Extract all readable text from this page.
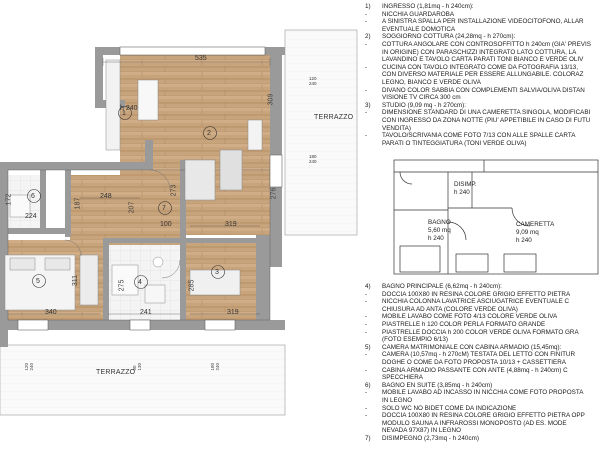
1
2
3
4
5
6
7
535
h 240
309
120
240
180
240
172
224
187
248
207
273
100	319
276
311	275	285
340	241	319
120
240	90
130	180
240
TERRAZZO
TERRAZZO
1)	INGRESSO (1,81mq - h 240cm):
-	NICCHIA GUARDAROBA
-	A SINISTRA SPALLA PER INSTALLAZIONE VIDEOCITOFONO, ALLAR
EVENTUALE DOMOTICA
2)	SOGGIORNO COTTURA (24,28mq - h 270cm):
-	COTTURA ANGOLARE CON CONTROSOFFITTO h 240cm (GIA' PREVIS
IN ORIGINE) CON PARASCHIZZI INTEGRATO LATO COTTURA, LA
LAVANDINO E TAVOLO CARTA PARATI TONI BIANCO E VERDE OLIV
-	CUCINA CON TAVOLO INTEGRATO COME DA FOTOGRAFIA 13/13,
CON DIVERSO MATERIALE PER ESSERE ALLUNGABILE. COLORAZ
LEGNO, BIANCO E VERDE OLIVA
-	DIVANO COLOR SABBIA CON COMPLEMENTI SALVIA/OLIVA DISTAN
VISIONE TV CIRCA 300 cm
3)	STUDIO (9,09 mq - h 270cm):
-	DIMENSIONE STANDARD DI UNA CAMERETTA SINGOLA, MODIFICABI
CON INGRESSO DA ZONA NOTTE (PIU' APPETIBILE IN CASO DI FUTU
VENDITA)
-	TAVOLO/SCRIVANIA COME FOTO 7/13 CON ALLE SPALLE CARTA
PARATI O TINTEGGIATURA (TONI VERDE OLIVA)
DISIMP.
h 240
BAGNO
5,60 mq
h 240
CAMERETTA
9,09 mq
h 240
4)	BAGNO PRINCIPALE (6,62mq - h 240cm):
-	DOCCIA 100X80 IN RESINA COLORE GRIGIO EFFETTO PIETRA
-	NICCHIA COLONNA LAVATRICE ASCIUGATRICE EVENTUALE C
CHIUSURA AD ANTA (COLORE VERDE OLIVA)
-	MOBILE LAVABO COME FOTO 4/13 COLORE VERDE OLIVA
-	PIASTRELLE h 120 COLOR PERLA FORMATO GRANDE
-	PIASTRELLE DOCCIA h 200 COLOR VERDE OLIVA FORMATO GRA
(FOTO ESEMPIO 6/13)
5)	CAMERA MATRIMONIALE CON CABINA ARMADIO (15,45mq):
-	CAMERA (10,57mq - h 270cM) TESTATA DEL LETTO CON FINITUR
DOGHE O COME DA FOTO PROPOSTA 10/13 + CASSETTIERA
-	CABINA ARMADIO PASSANTE CON ANTE (4,88mq - h 240cm) C
SPECCHIERA
6)	BAGNO EN SUITE (3,85mq - h 240cm)
-	MOBILE LAVABO AD INCASSO IN NICCHIA COME FOTO PROPOSTA
IN LEGNO
-	SOLO WC NO BIDET COME DA INDICAZIONE
-	DOCCIA 100X80 IN RESINA COLORE GRIGIO EFFETTO PIETRA OPP
MODULO SAUNA A INFRAROSSI MONOPOSTO (AD ES. MODE
NEVADA 97X87) IN LEGNO
7)	DISIMPEGNO (2,73mq - h 240cm)
